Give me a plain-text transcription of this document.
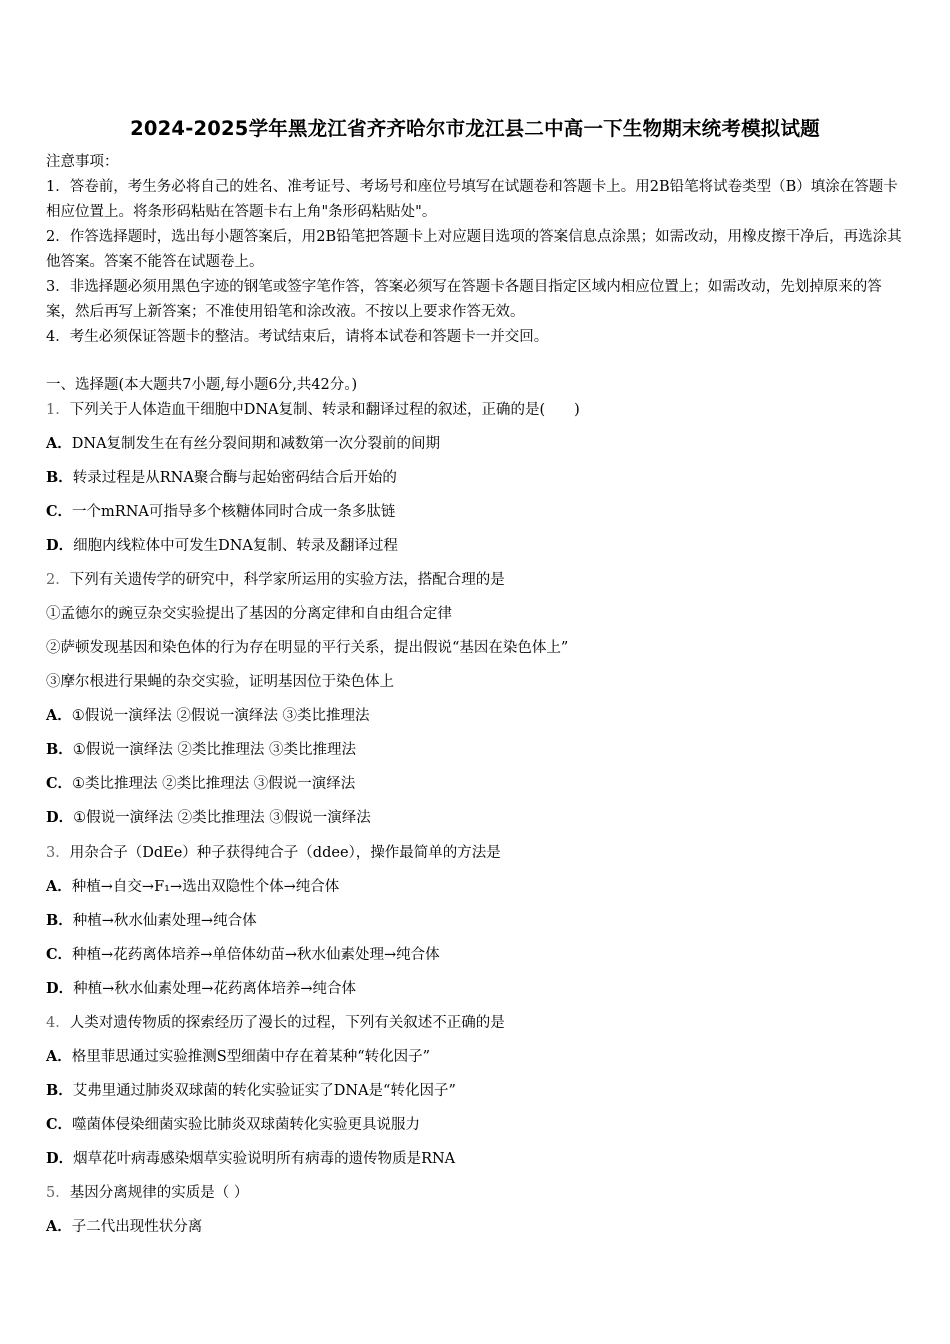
2024-2025学年黑龙江省齐齐哈尔市龙江县二中高一下生物期末统考模拟试题

注意事项：

1．答卷前，考生务必将自己的姓名、准考证号、考场号和座位号填写在试题卷和答题卡上。用2B铅笔将试卷类型（B）填涂在答题卡相应位置上。将条形码粘贴在答题卡右上角"条形码粘贴处"。

2．作答选择题时，选出每小题答案后，用2B铅笔把答题卡上对应题目选项的答案信息点涂黑；如需改动，用橡皮擦干净后，再选涂其他答案。答案不能答在试题卷上。

3．非选择题必须用黑色字迹的钢笔或签字笔作答，答案必须写在答题卡各题目指定区域内相应位置上；如需改动，先划掉原来的答案，然后再写上新答案；不准使用铅笔和涂改液。不按以上要求作答无效。

4．考生必须保证答题卡的整洁。考试结束后，请将本试卷和答题卡一并交回。

一、选择题(本大题共7小题,每小题6分,共42分。)
1．下列关于人体造血干细胞中DNA复制、转录和翻译过程的叙述，正确的是(　　)
A．DNA复制发生在有丝分裂间期和减数第一次分裂前的间期
B．转录过程是从RNA聚合酶与起始密码结合后开始的
C．一个mRNA可指导多个核糖体同时合成一条多肽链
D．细胞内线粒体中可发生DNA复制、转录及翻译过程
2．下列有关遗传学的研究中，科学家所运用的实验方法，搭配合理的是
①孟德尔的豌豆杂交实验提出了基因的分离定律和自由组合定律
②萨顿发现基因和染色体的行为存在明显的平行关系，提出假说“基因在染色体上”
③摩尔根进行果蝇的杂交实验，证明基因位于染色体上
A．①假说一演绎法 ②假说一演绎法 ③类比推理法
B．①假说一演绎法 ②类比推理法 ③类比推理法
C．①类比推理法 ②类比推理法 ③假说一演绎法
D．①假说一演绎法 ②类比推理法 ③假说一演绎法
3．用杂合子（DdEe）种子获得纯合子（ddee），操作最简单的方法是
A．种植→自交→F₁→选出双隐性个体→纯合体
B．种植→秋水仙素处理→纯合体
C．种植→花药离体培养→单倍体幼苗→秋水仙素处理→纯合体
D．种植→秋水仙素处理→花药离体培养→纯合体
4．人类对遗传物质的探索经历了漫长的过程，下列有关叙述不正确的是
A．格里菲思通过实验推测S型细菌中存在着某种“转化因子”
B．艾弗里通过肺炎双球菌的转化实验证实了DNA是“转化因子”
C．噬菌体侵染细菌实验比肺炎双球菌转化实验更具说服力
D．烟草花叶病毒感染烟草实验说明所有病毒的遗传物质是RNA
5．基因分离规律的实质是（ ）
A．子二代出现性状分离
